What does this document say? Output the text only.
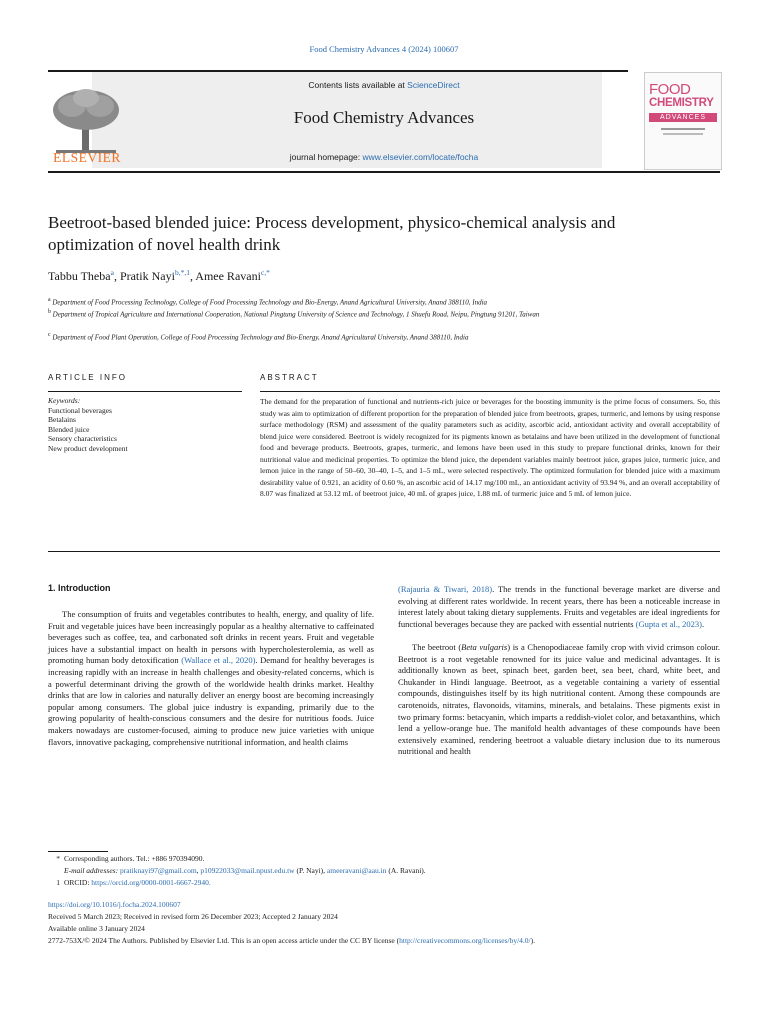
Food Chemistry Advances 4 (2024) 100607
Contents lists available at ScienceDirect
Food Chemistry Advances
journal homepage: www.elsevier.com/locate/focha
ELSEVIER
FOOD
CHEMISTRY
ADVANCES
Beetroot-based blended juice: Process development, physico-chemical analysis and optimization of novel health drink
Tabbu Theba$^a$, Pratik Nayi$^{b,*,1}$, Amee Ravani$^{c,*}$
$^a$ Department of Food Processing Technology, College of Food Processing Technology and Bio-Energy, Anand Agricultural University, Anand 388110, India
$^b$ Department of Tropical Agriculture and International Cooperation, National Pingtung University of Science and Technology, 1 Shuefu Road, Neipu, Pingtung 91201, Taiwan
$^c$ Department of Food Plant Operation, College of Food Processing Technology and Bio-Energy, Anand Agricultural University, Anand 388110, India
ARTICLE INFO	ABSTRACT
Keywords:
Functional beverages
Betalains
Blended juice
Sensory characteristics
New product development
The demand for the preparation of functional and nutrients-rich juice or beverages for the boosting immunity is the prime focus of consumers. So, this study was aim to optimization of different proportion for the preparation of blended juice from beetroots, grapes, turmeric, and lemons by using response surface methodology (RSM) and assessment of the quality parameters such as acidity, ascorbic acid, antioxidant activity and overall acceptability of blend juice were considered. Beetroot is widely recognized for its pigments known as betalains and have been utilized in the development of functional food and beverage products. Beetroots, grapes, turmeric, and lemons have been used in this study to prepare functional drinks, known for their nutritional value and medicinal properties. To optimize the blend juice, the dependent variables mainly beetroot juice, grapes juice, turmeric juice, and lemon juice in the range of 50–60, 30–40, 1–5, and 1–5 mL, were selected respectively. The optimized formulation for blended juice with a maximum desirability value of 0.921, an acidity of 0.60 %, an ascorbic acid of 14.17 mg/100 mL, an antioxidant activity of 93.94 %, and an overall acceptability of 8.07 was finalized at 53.12 mL of beetroot juice, 40 mL of grapes juice, 1.88 mL of turmeric juice and 5 mL of lemon juice.
1. Introduction
The consumption of fruits and vegetables contributes to health, energy, and quality of life. Fruit and vegetable juices have been increasingly popular as a healthy alternative to caffeinated beverages such as coffee, tea, and carbonated soft drinks in recent years. Fruit and vegetable juices have a substantial impact on health in persons with hypercholesterolemia, as well as promoting human body detoxification (Wallace et al., 2020). Demand for healthy beverages is increasing rapidly with an increase in health challenges and obesity-related concerns, which is a powerful determinant driving the growth of the worldwide health drinks market. Healthy drinks that are low in calories and naturally deliver an energy boost are becoming increasingly popular among consumers. The global juice industry is expanding, primarily due to the growing popularity of health-conscious consumers and the desire for nutritious foods. Juice makers nowadays are customer-focused, aiming to produce new juice varieties with unique flavors, innovative packaging, comprehensive nutritional information, and health claims

(Rajauria & Tiwari, 2018). The trends in the functional beverage market are diverse and evolving at different rates worldwide. In recent years, there has been a noticeable increase in interest lately about taking dietary supplements. Fruits and vegetables are ideal ingredients for functional beverages because they are packed with essential nutrients (Gupta et al., 2023).

The beetroot (Beta vulgaris) is a Chenopodiaceae family crop with vivid crimson colour. Beetroot is a root vegetable renowned for its juice value and medicinal advantages. It is additionally known as beet, spinach beet, garden beet, sea beet, chard, white beet, and Chukander in Hindi language. Beetroot, as a vegetable containing a variety of essential compounds, distinguishes itself by its high nutritional content. Among these compounds are carotenoids, nitrates, flavonoids, vitamins, minerals, and betalains. These pigments exist in two primary forms: betacyanin, which imparts a reddish-violet color, and betaxanthins, which lend a yellow-orange hue. The manifold health advantages of these compounds have been extensively examined, rendering beetroot a valuable dietary inclusion due to its numerous nutritional and health

* Corresponding authors. Tel.: +886 970394090.
E-mail addresses: pratiknayi97@gmail.com, p10922033@mail.npust.edu.tw (P. Nayi), ameeravani@aau.in (A. Ravani).
1 ORCID: https://orcid.org/0000-0001-6667-2940.
https://doi.org/10.1016/j.focha.2024.100607
Received 5 March 2023; Received in revised form 26 December 2023; Accepted 2 January 2024
Available online 3 January 2024
2772-753X/© 2024 The Authors. Published by Elsevier Ltd. This is an open access article under the CC BY license (http://creativecommons.org/licenses/by/4.0/).
